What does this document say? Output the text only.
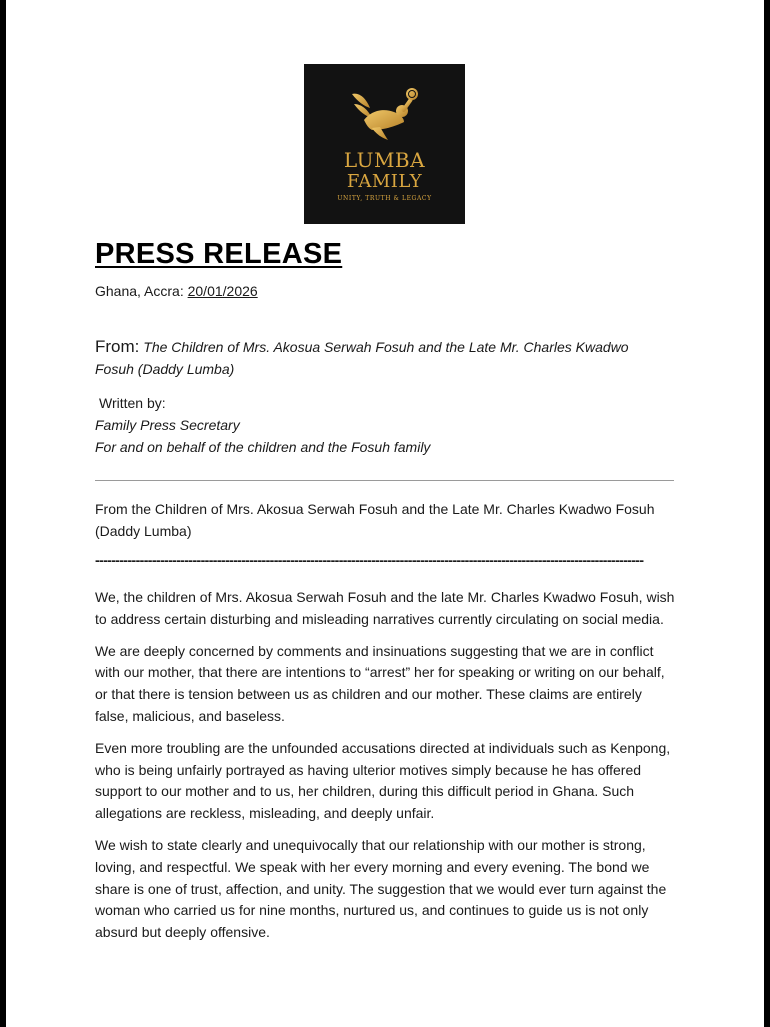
LUMBA
FAMILY
UNITY, TRUTH & LEGACY
PRESS RELEASE
Ghana, Accra: 20/01/2026
From: The Children of Mrs. Akosua Serwah Fosuh and the Late Mr. Charles Kwadwo Fosuh (Daddy Lumba)
Written by:
Family Press Secretary
For and on behalf of the children and the Fosuh family
From the Children of Mrs. Akosua Serwah Fosuh and the Late Mr. Charles Kwadwo Fosuh (Daddy Lumba)
---------------------------------------------------------------------------------------------------------------------------------------

We, the children of Mrs. Akosua Serwah Fosuh and the late Mr. Charles Kwadwo Fosuh, wish to address certain disturbing and misleading narratives currently circulating on social media.

We are deeply concerned by comments and insinuations suggesting that we are in conflict with our mother, that there are intentions to “arrest” her for speaking or writing on our behalf, or that there is tension between us as children and our mother. These claims are entirely false, malicious, and baseless.

Even more troubling are the unfounded accusations directed at individuals such as Kenpong, who is being unfairly portrayed as having ulterior motives simply because he has offered support to our mother and to us, her children, during this difficult period in Ghana. Such allegations are reckless, misleading, and deeply unfair.

We wish to state clearly and unequivocally that our relationship with our mother is strong, loving, and respectful. We speak with her every morning and every evening. The bond we share is one of trust, affection, and unity. The suggestion that we would ever turn against the woman who carried us for nine months, nurtured us, and continues to guide us is not only absurd but deeply offensive.
